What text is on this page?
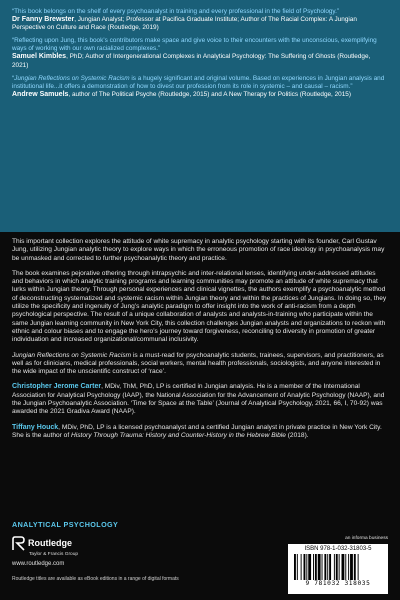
“This book belongs on the shelf of every psychoanalyst in training and every professional in the field of Psychology.”
Dr Fanny Brewster, Jungian Analyst; Professor at Pacifica Graduate Institute; Author of The Racial Complex: A Jungian Perspective on Culture and Race (Routledge, 2019)
“Reflecting upon Jung, this book’s contributors make space and give voice to their encounters with the unconscious, exemplifying ways of working with our own racialized complexes.”
Samuel Kimbles, PhD; Author of Intergenerational Complexes in Analytical Psychology: The Suffering of Ghosts (Routledge, 2021)
“Jungian Reflections on Systemic Racism is a hugely significant and original volume. Based on experiences in Jungian analysis and institutional life...it offers a demonstration of how to divest our profession from its role in systemic – and causal – racism.”
Andrew Samuels, author of The Political Psyche (Routledge, 2015) and A New Therapy for Politics (Routledge, 2015)

This important collection explores the attitude of white supremacy in analytic psychology starting with its founder, Carl Gustav Jung, utilizing Jungian analytic theory to explore ways in which the erroneous promotion of race ideology in psychoanalysis may be unmasked and corrected to further psychoanalytic theory and practice.

The book examines pejorative othering through intrapsychic and inter-relational lenses, identifying under-addressed attitudes and behaviors in which analytic training programs and learning communities may promote an attitude of white supremacy that lurks within Jungian theory. Through personal experiences and clinical vignettes, the authors exemplify a psychoanalytic method of deconstructing systematized and systemic racism within Jungian theory and within the practices of Jungians. In doing so, they utilize the specificity and ingenuity of Jung’s analytic paradigm to offer insight into the work of anti-racism from a depth psychological perspective. The result of a unique collaboration of analysts and analysts-in-training who participate within the same Jungian learning community in New York City, this collection challenges Jungian analysts and organizations to reckon with ethnic and colour biases and to engage the hero’s journey toward forgiveness, reconciling to diversity in promotion of greater individuation and increased organizational/communal inclusivity.

Jungian Reflections on Systemic Racism is a must-read for psychoanalytic students, trainees, supervisors, and practitioners, as well as for clinicians, medical professionals, social workers, mental health professionals, sociologists, and anyone interested in the wide impact of the unscientific construct of ‘race’.

Christopher Jerome Carter, MDiv, ThM, PhD, LP is certified in Jungian analysis. He is a member of the International Association for Analytical Psychology (IAAP), the National Association for the Advancement of Analytic Psychology (NAAP), and the Jungian Psychoanalytic Association. ‘Time for Space at the Table’ (Journal of Analytical Psychology, 2021, 66, I, 70-92) was awarded the 2021 Gradiva Award (NAAP).

Tiffany Houck, MDiv, PhD, LP is a licensed psychoanalyst and a certified Jungian analyst in private practice in New York City. She is the author of History Through Trauma: History and Counter-History in the Hebrew Bible (2018).

ANALYTICAL PSYCHOLOGY
Routledge
Taylor & Francis Group
www.routledge.com
Routledge titles are available as eBook editions in a range of digital formats
an informa business
ISBN 978-1-032-31803-5
9 781032 318035
